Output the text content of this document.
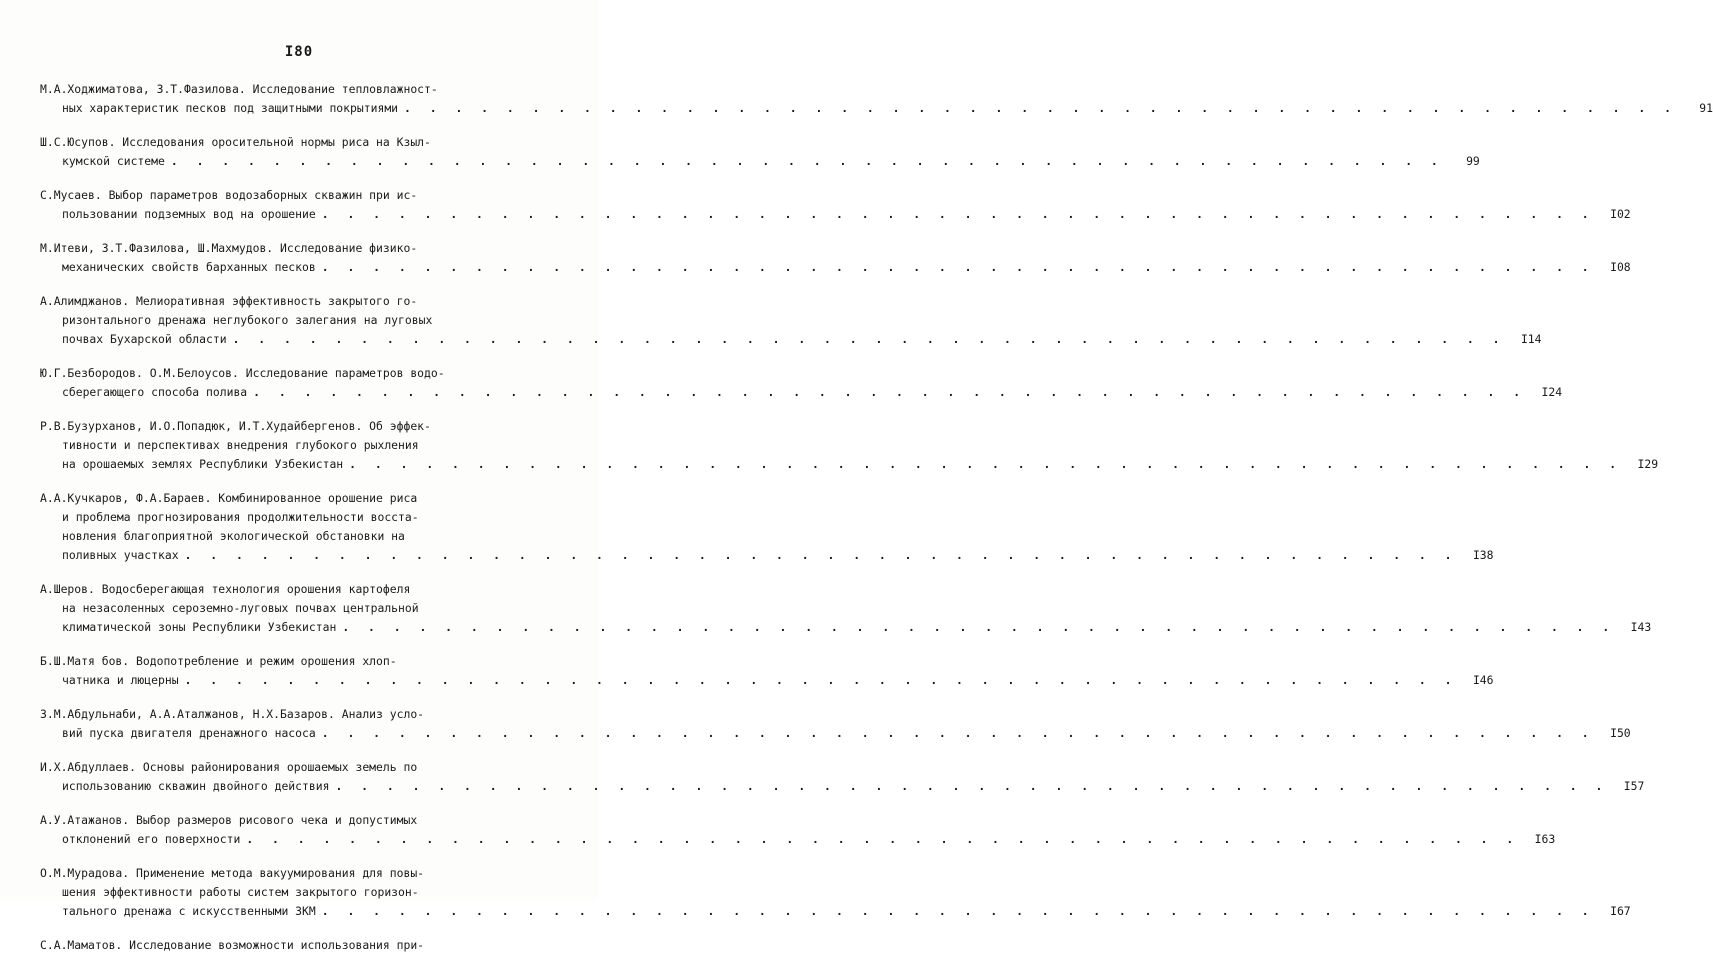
I80
М.А.Ходжиматова, З.Т.Фазилова. Исследование тепловлажност-
ных характеристик песков под защитными покрытиями . . . . . . . . . . . . . . . . . . . . . . . . . . . . . . . . . . . . . . . . . . . . . . . . . .	91
Ш.С.Юсупов. Исследования оросительной нормы риса на Кзыл-
кумской системе . . . . . . . . . . . . . . . . . . . . . . . . . . . . . . . . . . . . . . . . . . . . . . . . . .	99
С.Мусаев. Выбор параметров водозаборных скважин при ис-
пользовании подземных вод на орошение . . . . . . . . . . . . . . . . . . . . . . . . . . . . . . . . . . . . . . . . . . . . . . . . . .	I02
М.Итеви, З.Т.Фазилова, Ш.Махмудов. Исследование физико-
механических свойств барханных песков . . . . . . . . . . . . . . . . . . . . . . . . . . . . . . . . . . . . . . . . . . . . . . . . . .	I08
А.Алимджанов. Мелиоративная эффективность закрытого го-
ризонтального дренажа неглубокого залегания на луговых
почвах Бухарской области . . . . . . . . . . . . . . . . . . . . . . . . . . . . . . . . . . . . . . . . . . . . . . . . . .	I14
Ю.Г.Безбородов. О.М.Белоусов. Исследование параметров водо-
сберегающего способа полива . . . . . . . . . . . . . . . . . . . . . . . . . . . . . . . . . . . . . . . . . . . . . . . . . .	I24
Р.В.Бузурханов, И.О.Попадюк, И.Т.Худайбергенов. Об эффек-
тивности и перспективах внедрения глубокого рыхления
на орошаемых землях Республики Узбекистан . . . . . . . . . . . . . . . . . . . . . . . . . . . . . . . . . . . . . . . . . . . . . . . . . .	I29
А.А.Кучкаров, Ф.А.Бараев. Комбинированное орошение риса
и проблема прогнозирования продолжительности восста-
новления благоприятной экологической обстановки на
поливных участках . . . . . . . . . . . . . . . . . . . . . . . . . . . . . . . . . . . . . . . . . . . . . . . . . .	I38
А.Шеров. Водосберегающая технология орошения картофеля
на незасоленных сероземно-луговых почвах центральной
климатической зоны Республики Узбекистан . . . . . . . . . . . . . . . . . . . . . . . . . . . . . . . . . . . . . . . . . . . . . . . . . .	I43
Б.Ш.Матя бов. Водопотребление и режим орошения хлоп-
чатника и люцерны . . . . . . . . . . . . . . . . . . . . . . . . . . . . . . . . . . . . . . . . . . . . . . . . . .	I46
З.М.Абдульнаби, А.А.Аталжанов, Н.Х.Базаров. Анализ усло-
вий пуска двигателя дренажного насоса . . . . . . . . . . . . . . . . . . . . . . . . . . . . . . . . . . . . . . . . . . . . . . . . . .	I50
И.Х.Абдуллаев. Основы районирования орошаемых земель по
использованию скважин двойного действия . . . . . . . . . . . . . . . . . . . . . . . . . . . . . . . . . . . . . . . . . . . . . . . . . .	I57
А.У.Атажанов. Выбор размеров рисового чека и допустимых
отклонений его поверхности . . . . . . . . . . . . . . . . . . . . . . . . . . . . . . . . . . . . . . . . . . . . . . . . . .	I63
О.М.Мурадова. Применение метода вакуумирования для повы-
шения эффективности работы систем закрытого горизон-
тального дренажа с искусственными ЗКМ . . . . . . . . . . . . . . . . . . . . . . . . . . . . . . . . . . . . . . . . . . . . . . . . . .	I67
С.А.Маматов. Исследование возможности использования при-
